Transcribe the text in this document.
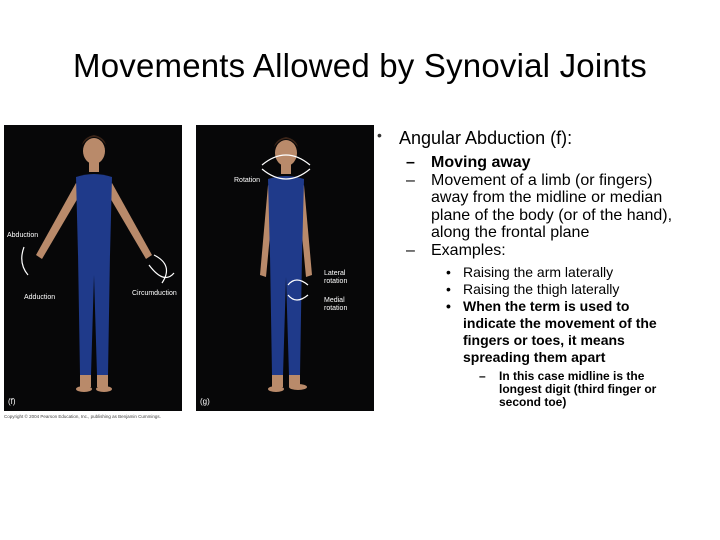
Movements Allowed by Synovial Joints
Abduction
Adduction
Circumduction
(f)
Rotation
Lateral rotation
Medial rotation
(g)
Copyright © 2004 Pearson Education, Inc., publishing as Benjamin Cummings.
• Angular Abduction (f):

– Moving away

– Movement of a limb (or fingers) away from the midline or median plane of the body (or of the hand), along the frontal plane

– Examples:

• Raising the arm laterally

• Raising the thigh laterally

• When the term is used to indicate the movement of the fingers or toes, it means spreading them apart

– In this case midline is the longest digit (third finger or second toe)
